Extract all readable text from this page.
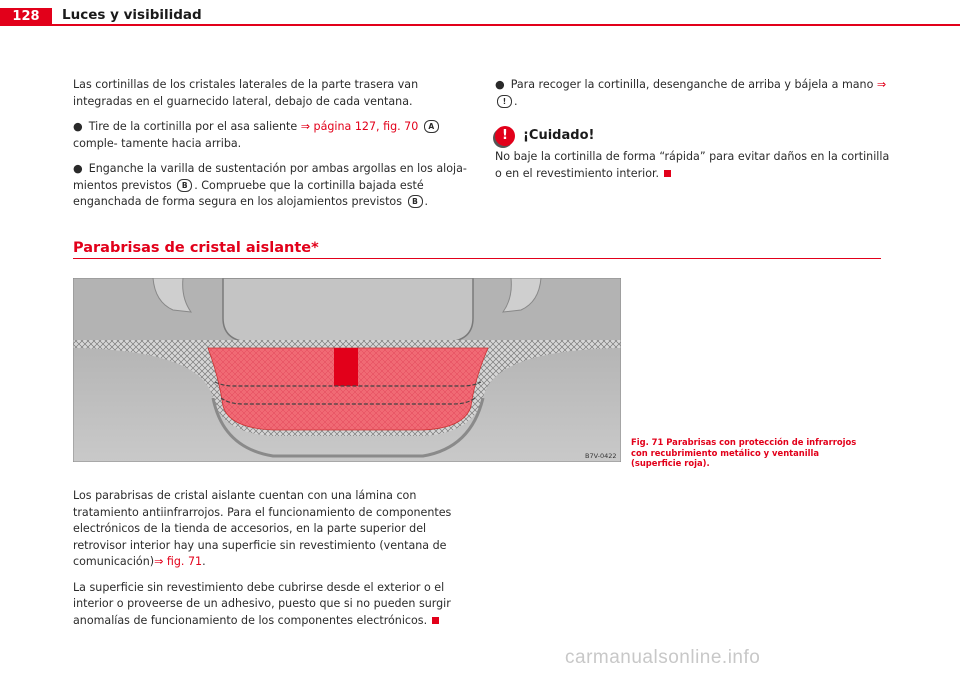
128	Luces y visibilidad

Las cortinillas de los cristales laterales de la parte trasera van integradas en el guarnecido lateral, debajo de cada ventana.

● Tire de la cortinilla por el asa saliente ⇒ página 127, fig. 70 A comple- tamente hacia arriba.
● Enganche la varilla de sustentación por ambas argollas en los aloja- mientos previstos B . Compruebe que la cortinilla bajada esté enganchada de forma segura en los alojamientos previstos B .
● Para recoger la cortinilla, desenganche de arriba y bájela a mano ⇒! .
!	¡Cuidado!

No baje la cortinilla de forma “rápida” para evitar daños en la cortinilla o en el revestimiento interior.

Parabrisas de cristal aislante*
B7V-0422
Fig. 71 Parabrisas con protección de infrarrojos con recubrimiento metálico y ventanilla (superficie roja).

Los parabrisas de cristal aislante cuentan con una lámina con tratamiento antiinfrarrojos. Para el funcionamiento de componentes electrónicos de la tienda de accesorios, en la parte superior del retrovisor interior hay una superficie sin revestimiento (ventana de comunicación)⇒ fig. 71.

La superficie sin revestimiento debe cubrirse desde el exterior o el interior o proveerse de un adhesivo, puesto que si no pueden surgir anomalías de funcionamiento de los componentes electrónicos.

carmanualsonline.info
